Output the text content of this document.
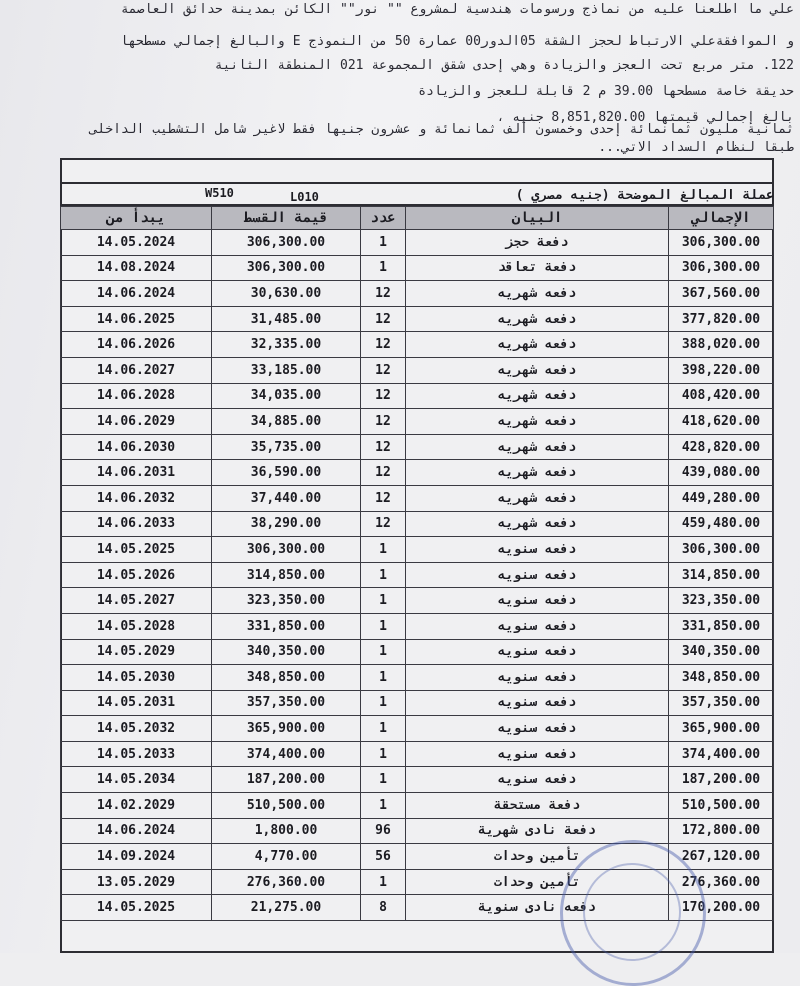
علي ما اطلعنا عليه من نماذج ورسومات هندسية لمشروع "" نور"" الكائن بمدينة حدائق العاصمة
و الموافقةعلي الارتباط لحجز الشقة 05الدور00 عمارة 50 من النموذج E والبالغ إجمالي مسطحها
122. متر مربع تحت العجز والزيادة وهي إحدى شقق المجموعة 021 المنطقة الثانية
حديقة خاصة مسطحها 39.00 م 2 قابلة للعجز والزيادة
بالغ إجمالي قيمتها 8,851,820.00 جنيه ،
ثمانية مليون ثمانمائة إحدى وخمسون ألف ثمانمائة و عشرون جنيها فقط لاغير شامل التشطيب الداخلى
طبقا لنظام السداد الاتي...
W510	L010	عملة المبالغ الموضحة (جنيه مصري )
يبدأ من	قيمة القسط	عدد	البيان	الإجمالي
14.05.2024	306,300.00	1	دفعة حجز	306,300.00
14.08.2024	306,300.00	1	دفعة تعاقد	306,300.00
14.06.2024	30,630.00	12	دفعه شهريه	367,560.00
14.06.2025	31,485.00	12	دفعه شهريه	377,820.00
14.06.2026	32,335.00	12	دفعه شهريه	388,020.00
14.06.2027	33,185.00	12	دفعه شهريه	398,220.00
14.06.2028	34,035.00	12	دفعه شهريه	408,420.00
14.06.2029	34,885.00	12	دفعه شهريه	418,620.00
14.06.2030	35,735.00	12	دفعه شهريه	428,820.00
14.06.2031	36,590.00	12	دفعه شهريه	439,080.00
14.06.2032	37,440.00	12	دفعه شهريه	449,280.00
14.06.2033	38,290.00	12	دفعه شهريه	459,480.00
14.05.2025	306,300.00	1	دفعه سنويه	306,300.00
14.05.2026	314,850.00	1	دفعه سنويه	314,850.00
14.05.2027	323,350.00	1	دفعه سنويه	323,350.00
14.05.2028	331,850.00	1	دفعه سنويه	331,850.00
14.05.2029	340,350.00	1	دفعه سنويه	340,350.00
14.05.2030	348,850.00	1	دفعه سنويه	348,850.00
14.05.2031	357,350.00	1	دفعه سنويه	357,350.00
14.05.2032	365,900.00	1	دفعه سنويه	365,900.00
14.05.2033	374,400.00	1	دفعه سنويه	374,400.00
14.05.2034	187,200.00	1	دفعه سنويه	187,200.00
14.02.2029	510,500.00	1	دفعة مستحقة	510,500.00
14.06.2024	1,800.00	96	دفعة نادى شهرية	172,800.00
14.09.2024	4,770.00	56	تأمين وحدات	267,120.00
13.05.2029	276,360.00	1	تأمين وحدات	276,360.00
14.05.2025	21,275.00	8	دفعه نادى سنوية	170,200.00
